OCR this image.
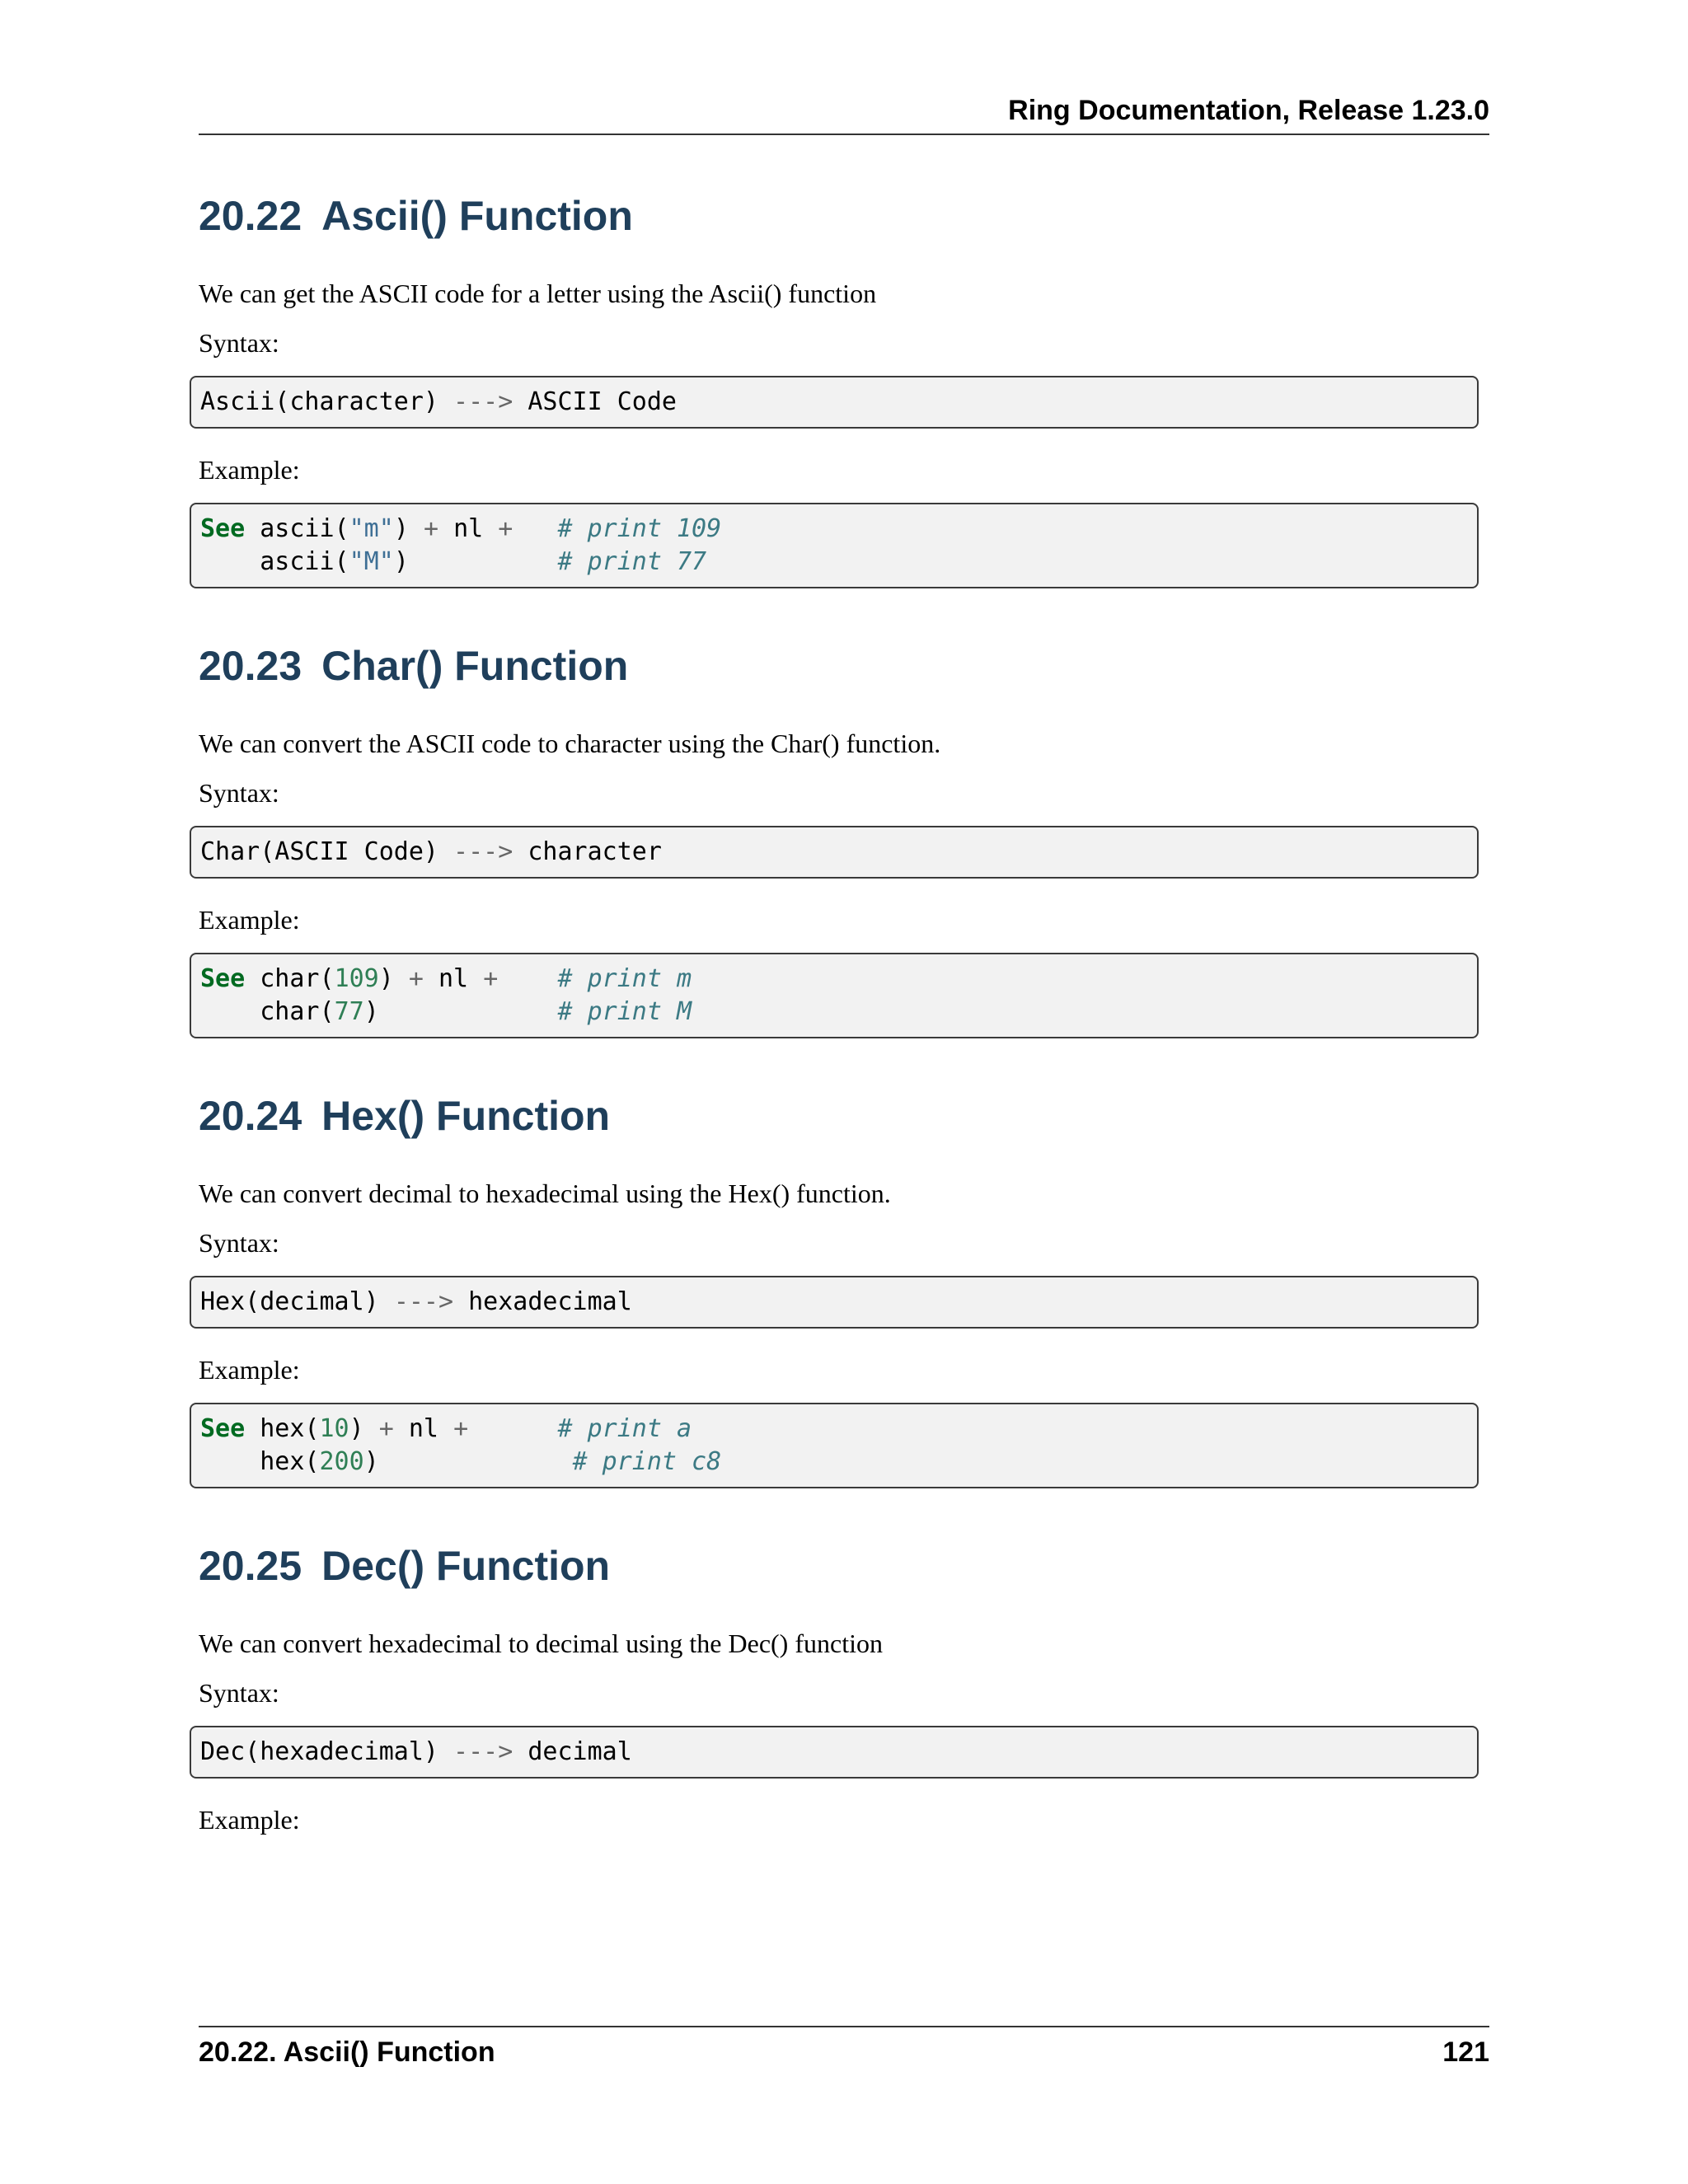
Ring Documentation, Release 1.23.0
20.22 Ascii() Function

We can get the ASCII code for a letter using the Ascii() function

Syntax:

Ascii(character) ---> ASCII Code

Example:

See ascii("m") + nl + # print 109
ascii("M")	# print 77
20.23 Char() Function

We can convert the ASCII code to character using the Char() function.

Syntax:

Char(ASCII Code) ---> character

Example:

See char(109) + nl + # print m
char(77)	# print M
20.24 Hex() Function

We can convert decimal to hexadecimal using the Hex() function.

Syntax:

Hex(decimal) ---> hexadecimal

Example:

See hex(10) + nl +	# print a
hex(200)	# print c8
20.25 Dec() Function

We can convert hexadecimal to decimal using the Dec() function

Syntax:

Dec(hexadecimal) ---> decimal

Example:

20.22. Ascii() Function	121
